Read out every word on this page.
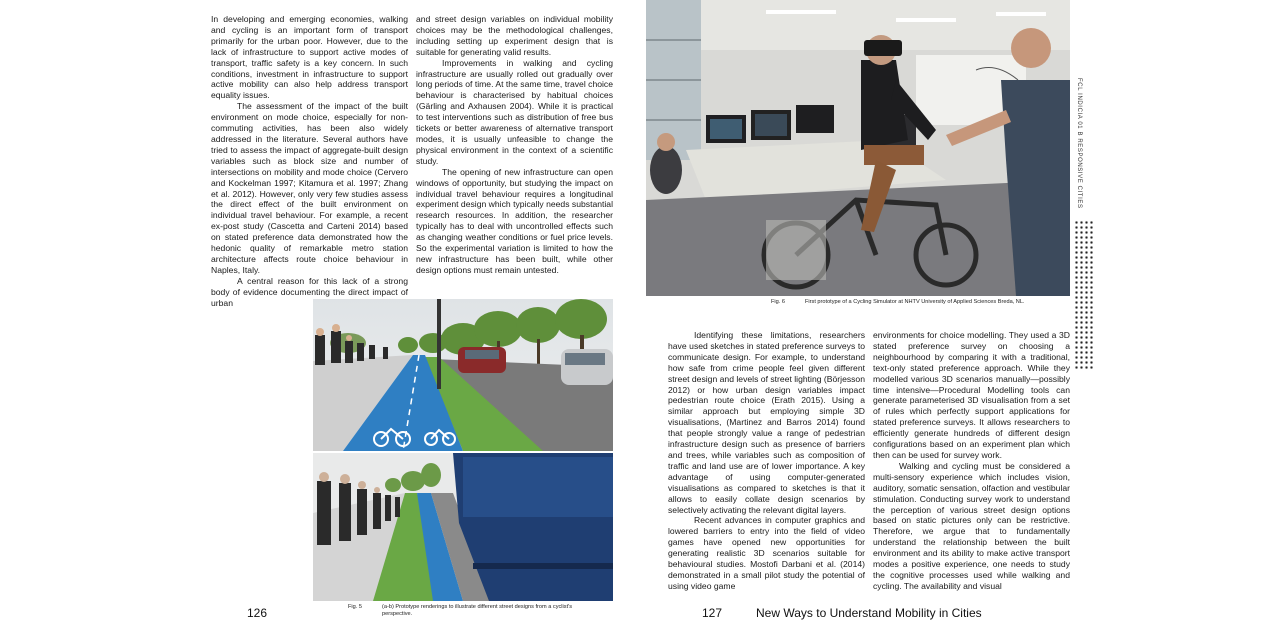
In developing and emerging economies, walking and cycling is an important form of transport primarily for the urban poor. However, due to the lack of infrastructure to support active modes of transport, traffic safety is a key concern. In such conditions, investment in infrastructure to support active mobility can also help address transport equality issues.

The assessment of the impact of the built environment on mode choice, especially for non-commuting activities, has been also widely addressed in the literature. Several authors have tried to assess the impact of aggregate-built design variables such as block size and number of intersections on mobility and mode choice (Cervero and Kockelman 1997; Kitamura et al. 1997; Zhang et al. 2012). However, only very few studies assess the direct effect of the built environment on individual travel behaviour. For example, a recent ex-post study (Cascetta and Carteni 2014) based on stated preference data demonstrated how the hedonic quality of remarkable metro station architecture affects route choice behaviour in Naples, Italy.

A central reason for this lack of a strong body of evidence documenting the direct impact of urban

and street design variables on individual mobility choices may be the methodological challenges, including setting up experiment design that is suitable for generating valid results.

Improvements in walking and cycling infrastructure are usually rolled out gradually over long periods of time. At the same time, travel choice behaviour is characterised by habitual choices (Gärling and Axhausen 2004). While it is practical to test interventions such as distribution of free bus tickets or better awareness of alternative transport modes, it is usually unfeasible to change the physical environment in the context of a scientific study.

The opening of new infrastructure can open windows of opportunity, but studying the impact on individual travel behaviour requires a longitudinal experiment design which typically needs substantial research resources. In addition, the researcher typically has to deal with uncontrolled effects such as changing weather conditions or fuel price levels. So the experimental variation is limited to how the new infrastructure has been built, while other design options must remain untested.

Fig. 5	(a-b) Prototype renderings to illustrate different street designs from a cyclist's perspective.
126
Fig. 6	First prototype of a Cycling Simulator at NHTV University of Applied Sciences Breda, NL.

Identifying these limitations, researchers have used sketches in stated preference surveys to communicate design. For example, to understand how safe from crime people feel given different street design and levels of street lighting (Börjesson 2012) or how urban design variables impact pedestrian route choice (Erath 2015). Using a similar approach but employing simple 3D visualisations, (Martinez and Barros 2014) found that people strongly value a range of pedestrian infrastructure design such as presence of barriers and trees, while variables such as composition of traffic and land use are of lower importance. A key advantage of using computer-generated visualisations as compared to sketches is that it allows to easily collate design scenarios by selectively activating the relevant digital layers.

Recent advances in computer graphics and lowered barriers to entry into the field of video games have opened new opportunities for generating realistic 3D scenarios suitable for behavioural studies. Mostofi Darbani et al. (2014) demonstrated in a small pilot study the potential of using video game

environments for choice modelling. They used a 3D stated preference survey on choosing a neighbourhood by comparing it with a traditional, text-only stated preference approach. While they modelled various 3D scenarios manually—possibly time intensive—Procedural Modelling tools can generate parameterised 3D visualisation from a set of rules which perfectly support applications for stated preference surveys. It allows researchers to efficiently generate hundreds of different design configurations based on an experiment plan which then can be used for survey work.

Walking and cycling must be considered a multi-sensory experience which includes vision, auditory, somatic sensation, olfaction and vestibular stimulation. Conducting survey work to understand the perception of various street design options based on static pictures only can be restrictive. Therefore, we argue that to fundamentally understand the relationship between the built environment and its ability to make active transport modes a positive experience, one needs to study the cognitive processes used while walking and cycling. The availability and visual

FCL INDICIA 01 B RESPONSIVE CITIES
127	New Ways to Understand Mobility in Cities
